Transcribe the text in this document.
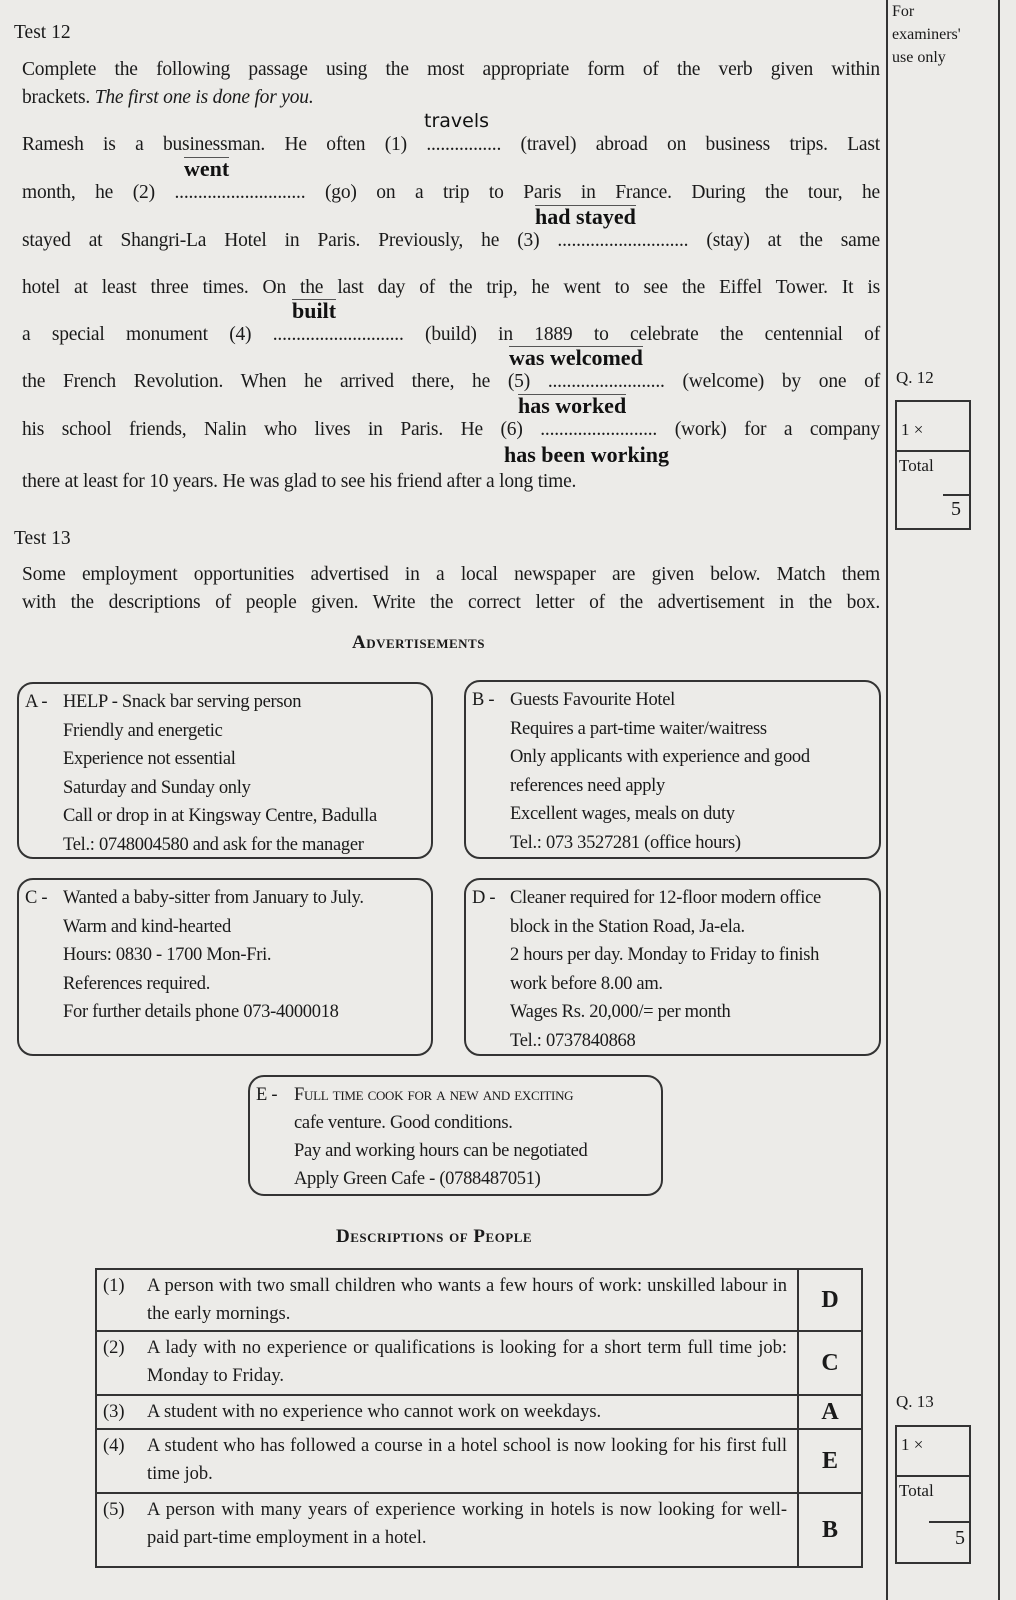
For
examiners'
use only
Q. 12
1 ×
Total
5
Q. 13
1 ×
Total
5
Test 12
Complete the following passage using the most appropriate form of the verb given within
brackets. The first one is done for you.
Ramesh is a businessman. He often (1) ................ (travel) abroad on business trips. Last
month, he (2) ............................ (go) on a trip to Paris in France. During the tour, he
stayed at Shangri-La Hotel in Paris. Previously, he (3) ............................ (stay) at the same
hotel at least three times. On the last day of the trip, he went to see the Eiffel Tower. It is
a special monument (4) ............................ (build) in 1889 to celebrate the centennial of
the French Revolution. When he arrived there, he (5) ......................... (welcome) by one of
his school friends, Nalin who lives in Paris. He (6) ......................... (work) for a company
there at least for 10 years. He was glad to see his friend after a long time.
travels
went
had stayed
built
was welcomed
has worked
has been working
Test 13
Some employment opportunities advertised in a local newspaper are given below. Match them
with the descriptions of people given. Write the correct letter of the advertisement in the box.
Advertisements
A - HELP - Snack bar serving person
Friendly and energetic
Experience not essential
Saturday and Sunday only
Call or drop in at Kingsway Centre, Badulla
Tel.: 0748004580 and ask for the manager
B - Guests Favourite Hotel
Requires a part-time waiter/waitress
Only applicants with experience and good
references need apply
Excellent wages, meals on duty
Tel.: 073 3527281 (office hours)
C - Wanted a baby-sitter from January to July.
Warm and kind-hearted
Hours: 0830 - 1700 Mon-Fri.
References required.
For further details phone 073-4000018
D - Cleaner required for 12-floor modern office
block in the Station Road, Ja-ela.
2 hours per day. Monday to Friday to finish
work before 8.00 am.
Wages Rs. 20,000/= per month
Tel.: 0737840868
E - Full time cook for a new and exciting
cafe venture. Good conditions.
Pay and working hours can be negotiated
Apply Green Cafe - (0788487051)
Descriptions of People
(1) A person with two small children who wants a few hours of work: unskilled labour in the early mornings.	D
(2) A lady with no experience or qualifications is looking for a short term full time job: Monday to Friday.	C
(3) A student with no experience who cannot work on weekdays.	A
(4) A student who has followed a course in a hotel school is now looking for his first full time job.	E
(5) A person with many years of experience working in hotels is now looking for well-paid part-time employment in a hotel.	B
